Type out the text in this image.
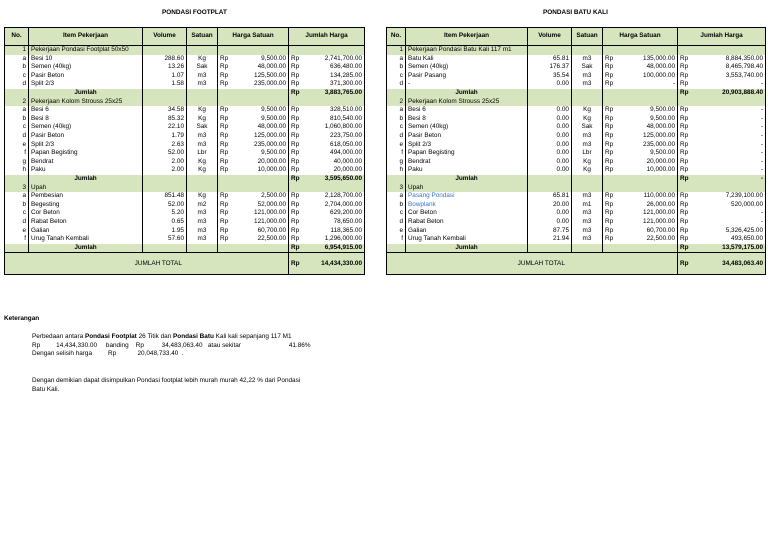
PONDASI FOOTPLAT	PONDASI BATU KALI
No.	Item Pekerjaan	Volume	Satuan	Harga Satuan		Jumlah Harga	
1	Pekerjaan Pondasi Footplat 50x50						
a	Besi 10	288.60	Kg	Rp	9,500.00	Rp	2,741,700.00
b	Semen (40kg)	13.26	Sak	Rp	48,000.00	Rp	636,480.00
c	Pasir Beton	1.07	m3	Rp	125,500.00	Rp	134,285.00
d	Split 2/3	1.58	m3	Rp	235,000.00	Rp	371,300.00
	Jumlah					Rp	3,883,765.00
2	Pekerjaan Kolom Strouss 25x25						
a	Besi 6	34.58	Kg	Rp	9,500.00	Rp	328,510.00
b	Besi 8	85.32	Kg	Rp	9,500.00	Rp	810,540.00
c	Semen (40kg)	22.10	Sak	Rp	48,000.00	Rp	1,060,800.00
d	Pasir Beton	1.79	m3	Rp	125,000.00	Rp	223,750.00
e	Split 2/3	2.63	m3	Rp	235,000.00	Rp	618,050.00
f	Papan Begisting	52.00	Lbr	Rp	9,500.00	Rp	494,000.00
g	Bendrat	2.00	Kg	Rp	20,000.00	Rp	40,000.00
h	Paku	2.00	Kg	Rp	10,000.00	Rp	20,000.00
	Jumlah					Rp	3,595,650.00
3	Upah						
a	Pembesian	851.48	Kg	Rp	2,500.00	Rp	2,128,700.00
b	Begesting	52.00	m2	Rp	52,000.00	Rp	2,704,000.00
c	Cor Beton	5.20	m3	Rp	121,000.00	Rp	629,200.00
d	Rabat Beton	0.65	m3	Rp	121,000.00	Rp	78,650.00
e	Galian	1.95	m3	Rp	60,700.00	Rp	118,365.00
f	Urug Tanah Kembali	57.60	m3	Rp	22,500.00	Rp	1,296,000.00
	Jumlah					Rp	6,954,915.00
	JUMLAH TOTAL					Rp	14,434,330.00
No.	Item Pekerjaan	Volume	Satuan	Harga Satuan		Jumlah Harga	
1	Pekerjaan Pondasi Batu Kali 117 m1						
a	Batu Kali	65.81	m3	Rp	135,000.00	Rp	8,884,350.00
b	Semen (40kg)	176.37	Sak	Rp	48,000.00	Rp	8,465,798.40
c	Pasir Pasang	35.54	m3	Rp	100,000.00	Rp	3,553,740.00
d	-	0.00	m3	Rp	-	Rp	-
	Jumlah					Rp	20,903,888.40
2	Pekerjaan Kolom Strouss 25x25						
a	Besi 6	0.00	Kg	Rp	9,500.00	Rp	-
b	Besi 8	0.00	Kg	Rp	9,500.00	Rp	-
c	Semen (40kg)	0.00	Sak	Rp	48,000.00	Rp	-
d	Pasir Beton	0.00	m3	Rp	125,000.00	Rp	-
e	Split 2/3	0.00	m3	Rp	235,000.00	Rp	-
f	Papan Begisting	0.00	Lbr	Rp	9,500.00	Rp	-
g	Bendrat	0.00	Kg	Rp	20,000.00	Rp	-
h	Paku	0.00	Kg	Rp	10,000.00	Rp	-
	Jumlah					Rp	-
3	Upah						
a	Pasang Pondasi	65.81	m3	Rp	110,000.00	Rp	7,239,100.00
b	Bowplank	20.00	m1	Rp	26,000.00	Rp	520,000.00
c	Cor Beton	0.00	m3	Rp	121,000.00	Rp	-
d	Rabat Beton	0.00	m3	Rp	121,000.00	Rp	-
e	Galian	87.75	m3	Rp	60,700.00	Rp	5,326,425.00
f	Urug Tanah Kembali	21.94	m3	Rp	22,500.00	Rp	493,650.00
	Jumlah					Rp	13,579,175.00
	JUMLAH TOTAL					Rp	34,483,063.40

Keterangan

Perbedaan antara Pondasi Footplat 26 Titik dan Pondasi Batu Kali kali sepanjang 117 M1

Rp         14,434,330.00     banding    Rp          34,483,063.40   atau sekitar                           41.86%

Dengan selisih harga         Rp            20,048,733.40  .

Dengan demikian dapat disimpulkan Pondasi footplat lebih murah murah 42,22 % dari Pondasi

Batu Kali.
